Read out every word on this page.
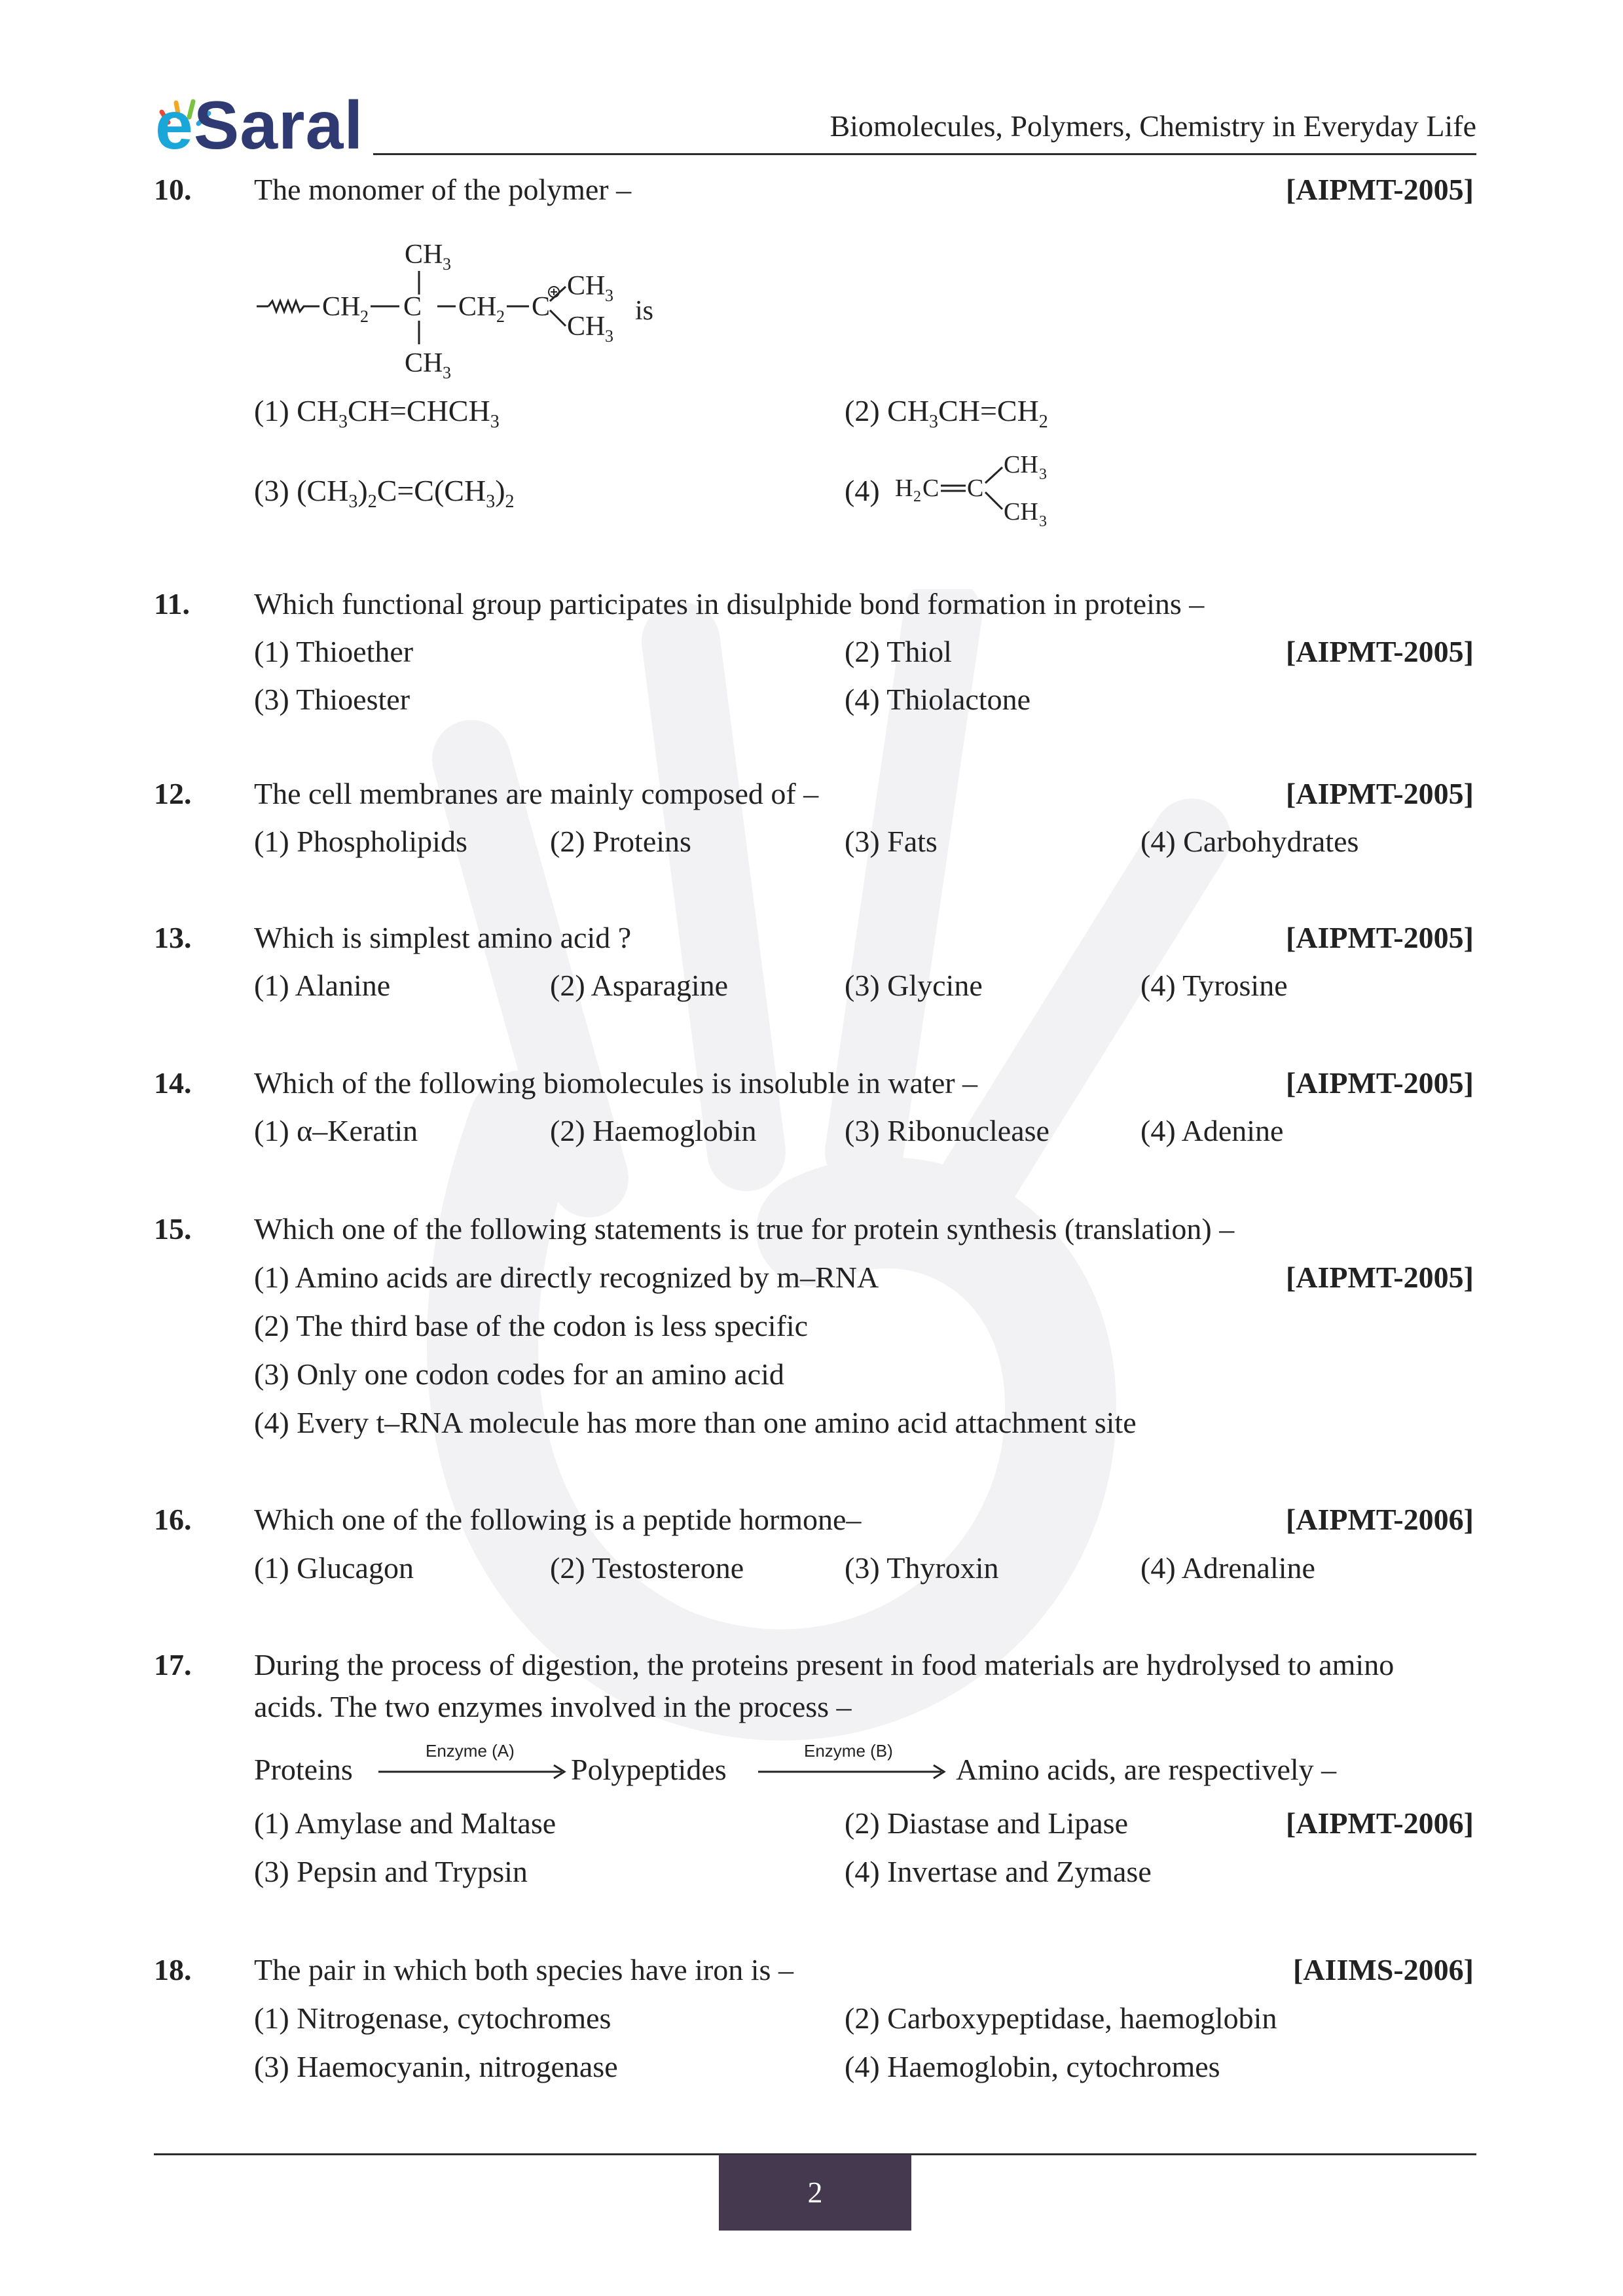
eSaral	Biomolecules, Polymers, Chemistry in Everyday Life
10. The monomer of the polymer –	[AIPMT-2005]
CH 2 C
CH 3
CH 3
CH 2 C
CH 3
CH 3
is
(1) $CH_3CH=CHCH_3$	(2) $CH_3CH=CH_2$
(3) $(CH_3)_2C=C(CH_3)_2$	(4) H 2 C C
CH 3
CH 3
11. Which functional group participates in disulphide bond formation in proteins –
(1) Thioether	(2) Thiol	[AIPMT-2005]
(3) Thioester	(4) Thiolactone
12. The cell membranes are mainly composed of –	[AIPMT-2005]
(1) Phospholipids	(2) Proteins	(3) Fats	(4) Carbohydrates
13. Which is simplest amino acid ?	[AIPMT-2005]
(1) Alanine	(2) Asparagine	(3) Glycine	(4) Tyrosine
14. Which of the following biomolecules is insoluble in water –	[AIPMT-2005]
(1) α–Keratin	(2) Haemoglobin	(3) Ribonuclease	(4) Adenine
15. Which one of the following statements is true for protein synthesis (translation) –
(1) Amino acids are directly recognized by m–RNA	[AIPMT-2005]
(2) The third base of the codon is less specific
(3) Only one codon codes for an amino acid
(4) Every t–RNA molecule has more than one amino acid attachment site
16. Which one of the following is a peptide hormone–	[AIPMT-2006]
(1) Glucagon	(2) Testosterone	(3) Thyroxin	(4) Adrenaline
17. During the process of digestion, the proteins present in food materials are hydrolysed to amino
acids. The two enzymes involved in the process –
Proteins
Enzyme (A)
Polypeptides
Enzyme (B)
Amino acids, are respectively –
(1) Amylase and Maltase	(2) Diastase and Lipase	[AIPMT-2006]
(3) Pepsin and Trypsin	(4) Invertase and Zymase
18. The pair in which both species have iron is –	[AIIMS-2006]
(1) Nitrogenase, cytochromes	(2) Carboxypeptidase, haemoglobin
(3) Haemocyanin, nitrogenase	(4) Haemoglobin, cytochromes
2
